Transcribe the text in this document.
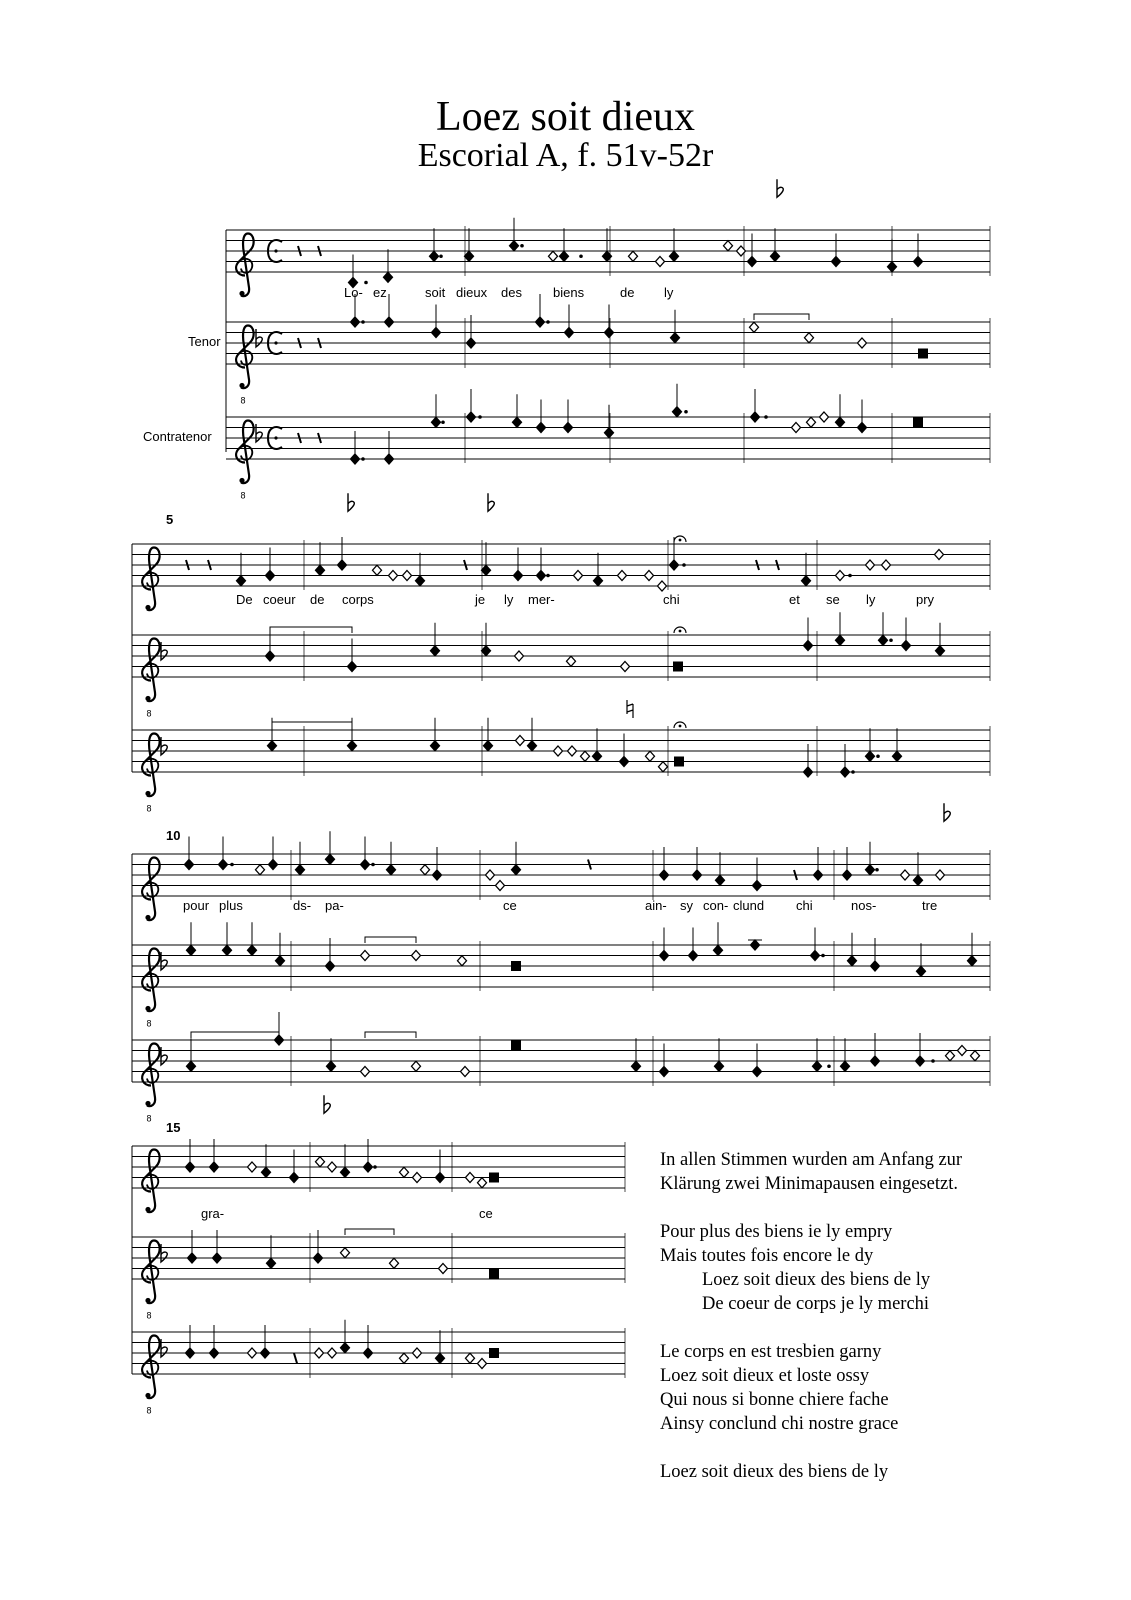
Loez soit dieux
Escorial A, f. 51v-52r
8
Tenor
Contratenor
5
10
15
Lo- ez	soit dieux des biens	de ly
De coeur de corps	je ly mer-	chi	et se ly	pry
pour plus	ds- pa-	ce	ain- sy con- clund chi	nos-	tre
gra-	ce

In allen Stimmen wurden am Anfang zur
Klärung zwei Minimapausen eingesetzt.

Pour plus des biens ie ly empry
Mais toutes fois encore le dy
Loez soit dieux des biens de ly
De coeur de corps je ly merchi

Le corps en est tresbien garny
Loez soit dieux et loste ossy
Qui nous si bonne chiere fache
Ainsy conclund chi nostre grace

Loez soit dieux des biens de ly
